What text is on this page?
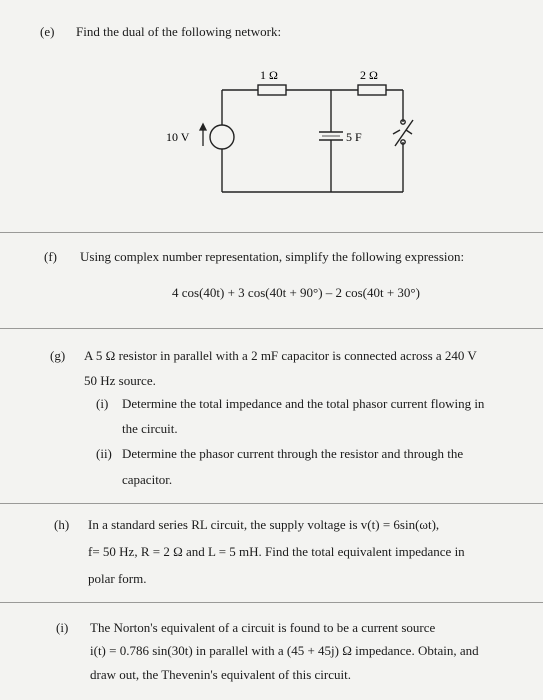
(e) Find the dual of the following network:
1 Ω	2 Ω
10 V	5 F
(f) Using complex number representation, simplify the following expression:
4 cos(40t) + 3 cos(40t + 90°) – 2 cos(40t + 30°)
(g) A 5 Ω resistor in parallel with a 2 mF capacitor is connected across a 240 V
50 Hz source.
(i) Determine the total impedance and the total phasor current flowing in
the circuit.
(ii) Determine the phasor current through the resistor and through the
capacitor.
(h) In a standard series RL circuit, the supply voltage is v(t) = 6sin(ωt),
f= 50 Hz, R = 2 Ω and L = 5 mH. Find the total equivalent impedance in
polar form.
(i) The Norton's equivalent of a circuit is found to be a current source
i(t) = 0.786 sin(30t) in parallel with a (45 + 45j) Ω impedance. Obtain, and
draw out, the Thevenin's equivalent of this circuit.
